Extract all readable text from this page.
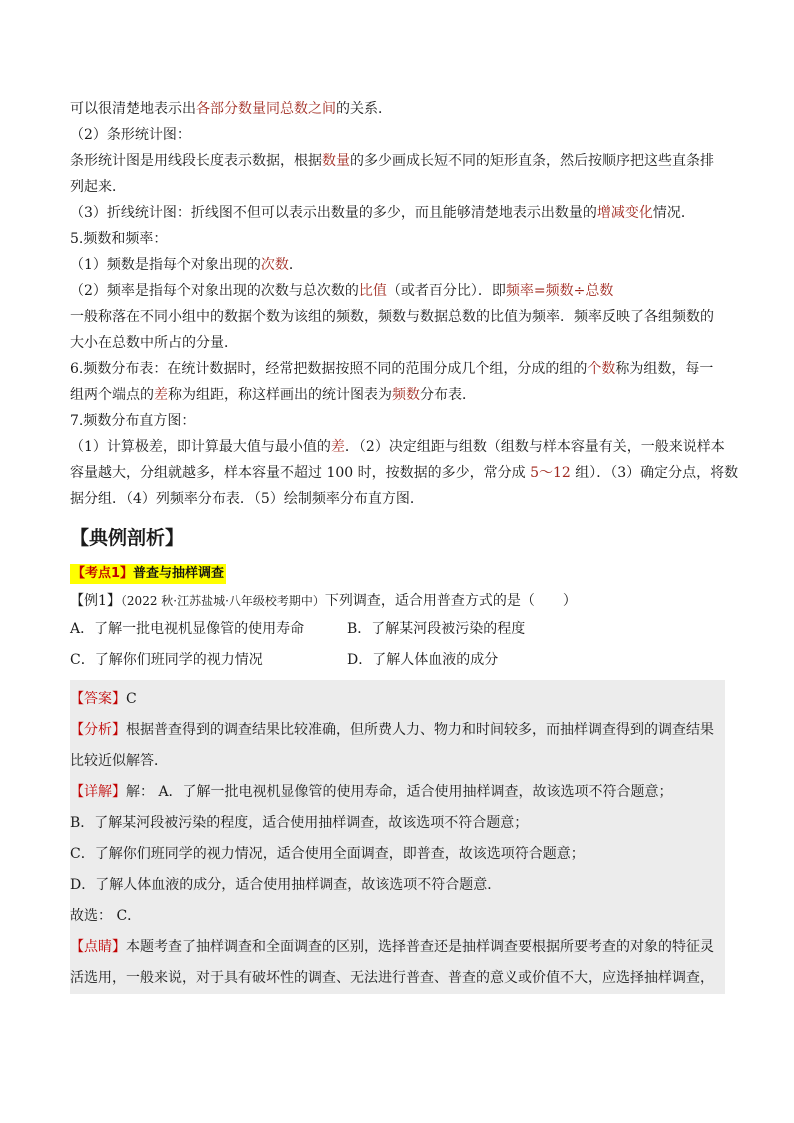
可以很清楚地表示出各部分数量同总数之间的关系．
（2）条形统计图：
条形统计图是用线段长度表示数据，根据数量的多少画成长短不同的矩形直条，然后按顺序把这些直条排
列起来．
（3）折线统计图：折线图不但可以表示出数量的多少，而且能够清楚地表示出数量的增减变化情况．
5.频数和频率：
（1）频数是指每个对象出现的次数．
（2）频率是指每个对象出现的次数与总次数的比值（或者百分比）．即频率=频数÷总数
一般称落在不同小组中的数据个数为该组的频数，频数与数据总数的比值为频率．频率反映了各组频数的
大小在总数中所占的分量．
6.频数分布表：在统计数据时，经常把数据按照不同的范围分成几个组，分成的组的个数称为组数，每一
组两个端点的差称为组距，称这样画出的统计图表为频数分布表．
7.频数分布直方图：
（1）计算极差，即计算最大值与最小值的差．（2）决定组距与组数（组数与样本容量有关，一般来说样本
容量越大，分组就越多，样本容量不超过 100 时，按数据的多少，常分成 5～12 组）．（3）确定分点，将数
据分组．（4）列频率分布表．（5）绘制频率分布直方图．
【典例剖析】
【考点1】普查与抽样调查
【例1】（2022 秋·江苏盐城·八年级校考期中）下列调查，适合用普查方式的是（　　）
A．了解一批电视机显像管的使用寿命	B．了解某河段被污染的程度
C．了解你们班同学的视力情况	D．了解人体血液的成分
【答案】C
【分析】根据普查得到的调查结果比较准确，但所费人力、物力和时间较多，而抽样调查得到的调查结果
比较近似解答．
【详解】解： A．了解一批电视机显像管的使用寿命，适合使用抽样调查，故该选项不符合题意；
B．了解某河段被污染的程度，适合使用抽样调查，故该选项不符合题意；
C．了解你们班同学的视力情况，适合使用全面调查，即普查，故该选项符合题意；
D．了解人体血液的成分，适合使用抽样调查，故该选项不符合题意．
故选： C．
【点睛】本题考查了抽样调查和全面调查的区别，选择普查还是抽样调查要根据所要考查的对象的特征灵
活选用，一般来说，对于具有破坏性的调查、无法进行普查、普查的意义或价值不大，应选择抽样调查，
